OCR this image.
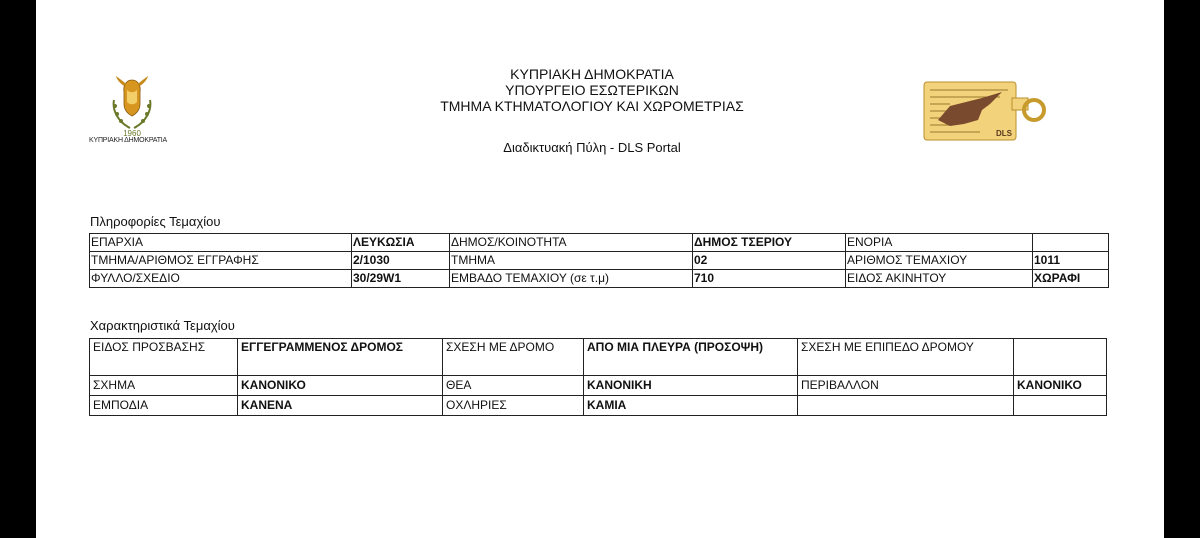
1960
ΚΥΠΡΙΑΚΗ ΔΗΜΟΚΡΑΤΙΑ
ΚΥΠΡΙΑΚΗ ΔΗΜΟΚΡΑΤΙΑ
ΥΠΟΥΡΓΕΙΟ ΕΣΩΤΕΡΙΚΩΝ
ΤΜΗΜΑ ΚΤΗΜΑΤΟΛΟΓΙΟΥ ΚΑΙ ΧΩΡΟΜΕΤΡΙΑΣ
Διαδικτυακή Πύλη - DLS Portal
DLS
Πληροφορίες Τεμαχίου
ΕΠΑΡΧΙΑ	ΛΕΥΚΩΣΙΑ	ΔΗΜΟΣ/ΚΟΙΝΟΤΗΤΑ	ΔΗΜΟΣ ΤΣΕΡΙΟΥ	ΕΝΟΡΙΑ	
ΤΜΗΜΑ/ΑΡΙΘΜΟΣ ΕΓΓΡΑΦΗΣ	2/1030	ΤΜΗΜΑ	02	ΑΡΙΘΜΟΣ ΤΕΜΑΧΙΟΥ	1011
ΦΥΛΛΟ/ΣΧΕΔΙΟ	30/29W1	ΕΜΒΑΔΟ ΤΕΜΑΧΙΟΥ (σε τ.μ)	710	ΕΙΔΟΣ ΑΚΙΝΗΤΟΥ	ΧΩΡΑΦΙ
Χαρακτηριστικά Τεμαχίου
ΕΙΔΟΣ ΠΡΟΣΒΑΣΗΣ	ΕΓΓΕΓΡΑΜΜΕΝΟΣ ΔΡΟΜΟΣ	ΣΧΕΣΗ ΜΕ ΔΡΟΜΟ	ΑΠΟ ΜΙΑ ΠΛΕΥΡΑ (ΠΡΟΣΟΨΗ)	ΣΧΕΣΗ ΜΕ ΕΠΙΠΕΔΟ ΔΡΟΜΟΥ	
ΣΧΗΜΑ	ΚΑΝΟΝΙΚΟ	ΘΕΑ	ΚΑΝΟΝΙΚΗ	ΠΕΡΙΒΑΛΛΟΝ	ΚΑΝΟΝΙΚΟ
ΕΜΠΟΔΙΑ	ΚΑΝΕΝΑ	ΟΧΛΗΡΙΕΣ	ΚΑΜΙΑ		
